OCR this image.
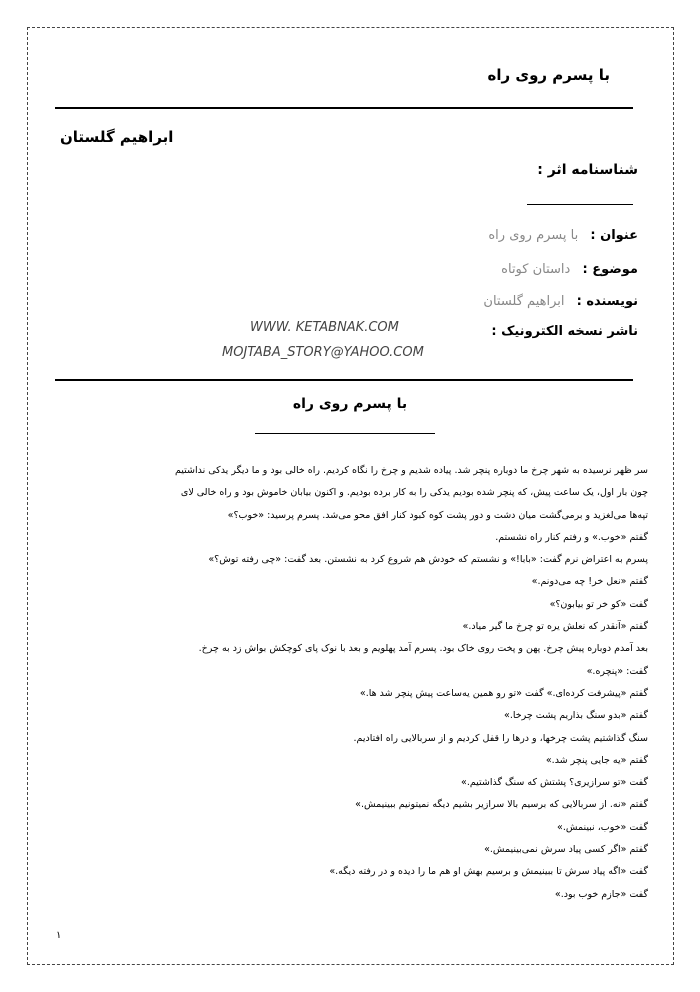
با پسرم روی راه
ابراهیم گلستان
شناسنامه اثر :
عنوان : با پسرم روی راه
موضوع : داستان کوتاه
نویسنده : ابراهیم گلستان
ناشر نسخه الکترونیک :
WWW. KETABNAK.COM
MOJTABA_STORY@YAHOO.COM
با پسرم روی راه

سر ظهر نرسیده به شهر چرخ ما دوباره پنچر شد. پیاده شدیم و چرخ را نگاه کردیم. راه خالی بود و ما دیگر یدکی نداشتیم

چون بار اول، یک ساعت پیش، که پنچر شده بودیم یدکی را به کار برده بودیم. و اکنون بیابان خاموش بود و راه خالی لای

تپه‌ها می‌لغزید و برمی‌گشت میان دشت و دور پشت کوه کبود کنار افق محو می‌شد. پسرم پرسید: «خوب؟»

گفتم «خوب.» و رفتم کنار راه نشستم.

پسرم به اعتراض نرم گفت: «بابا!» و نشستم که خودش هم شروع کرد به نشستن. بعد گفت: «چی رفته توش؟»

گفتم «نعل خر! چه می‌دونم.»

گفت «کو خر تو بیابون؟»

گفتم «آنقدر که نعلش یره تو چرخ ما گیر میاد.»

بعد آمدم دوباره پیش چرخ. پهن و پخت روی خاک بود. پسرم آمد پهلویم و بعد با نوک پای کوچکش بواش زد به چرخ.

گفت: «پنچره.»

گفتم «پیشرفت کرده‌ای.» گفت «تو رو همین یه‌ساعت پیش پنچر شد ها.»

گفتم «بدو سنگ بذاریم پشت چرخا.»

سنگ گذاشتیم پشت چرخها، و درها را قفل کردیم و از سربالایی راه افتادیم.

گفتم «یه جایی پنچر شد.»

گفت «تو سرازیری؟ پشتش که سنگ گذاشتیم.»

گفتم «نه. از سربالایی که برسیم بالا سرازیر بشیم دیگه نمیتونیم ببینیمش.»

گفت «خوب، نبینمش.»

گفتم «اگر کسی پیاد سرش نمی‌بینیمش.»

گفت «اگه پیاد سرش تا ببینیمش و برسیم بهش او هم ما را دیده و در رفته دیگه.»

گفت «جازم خوب بود.»

۱
